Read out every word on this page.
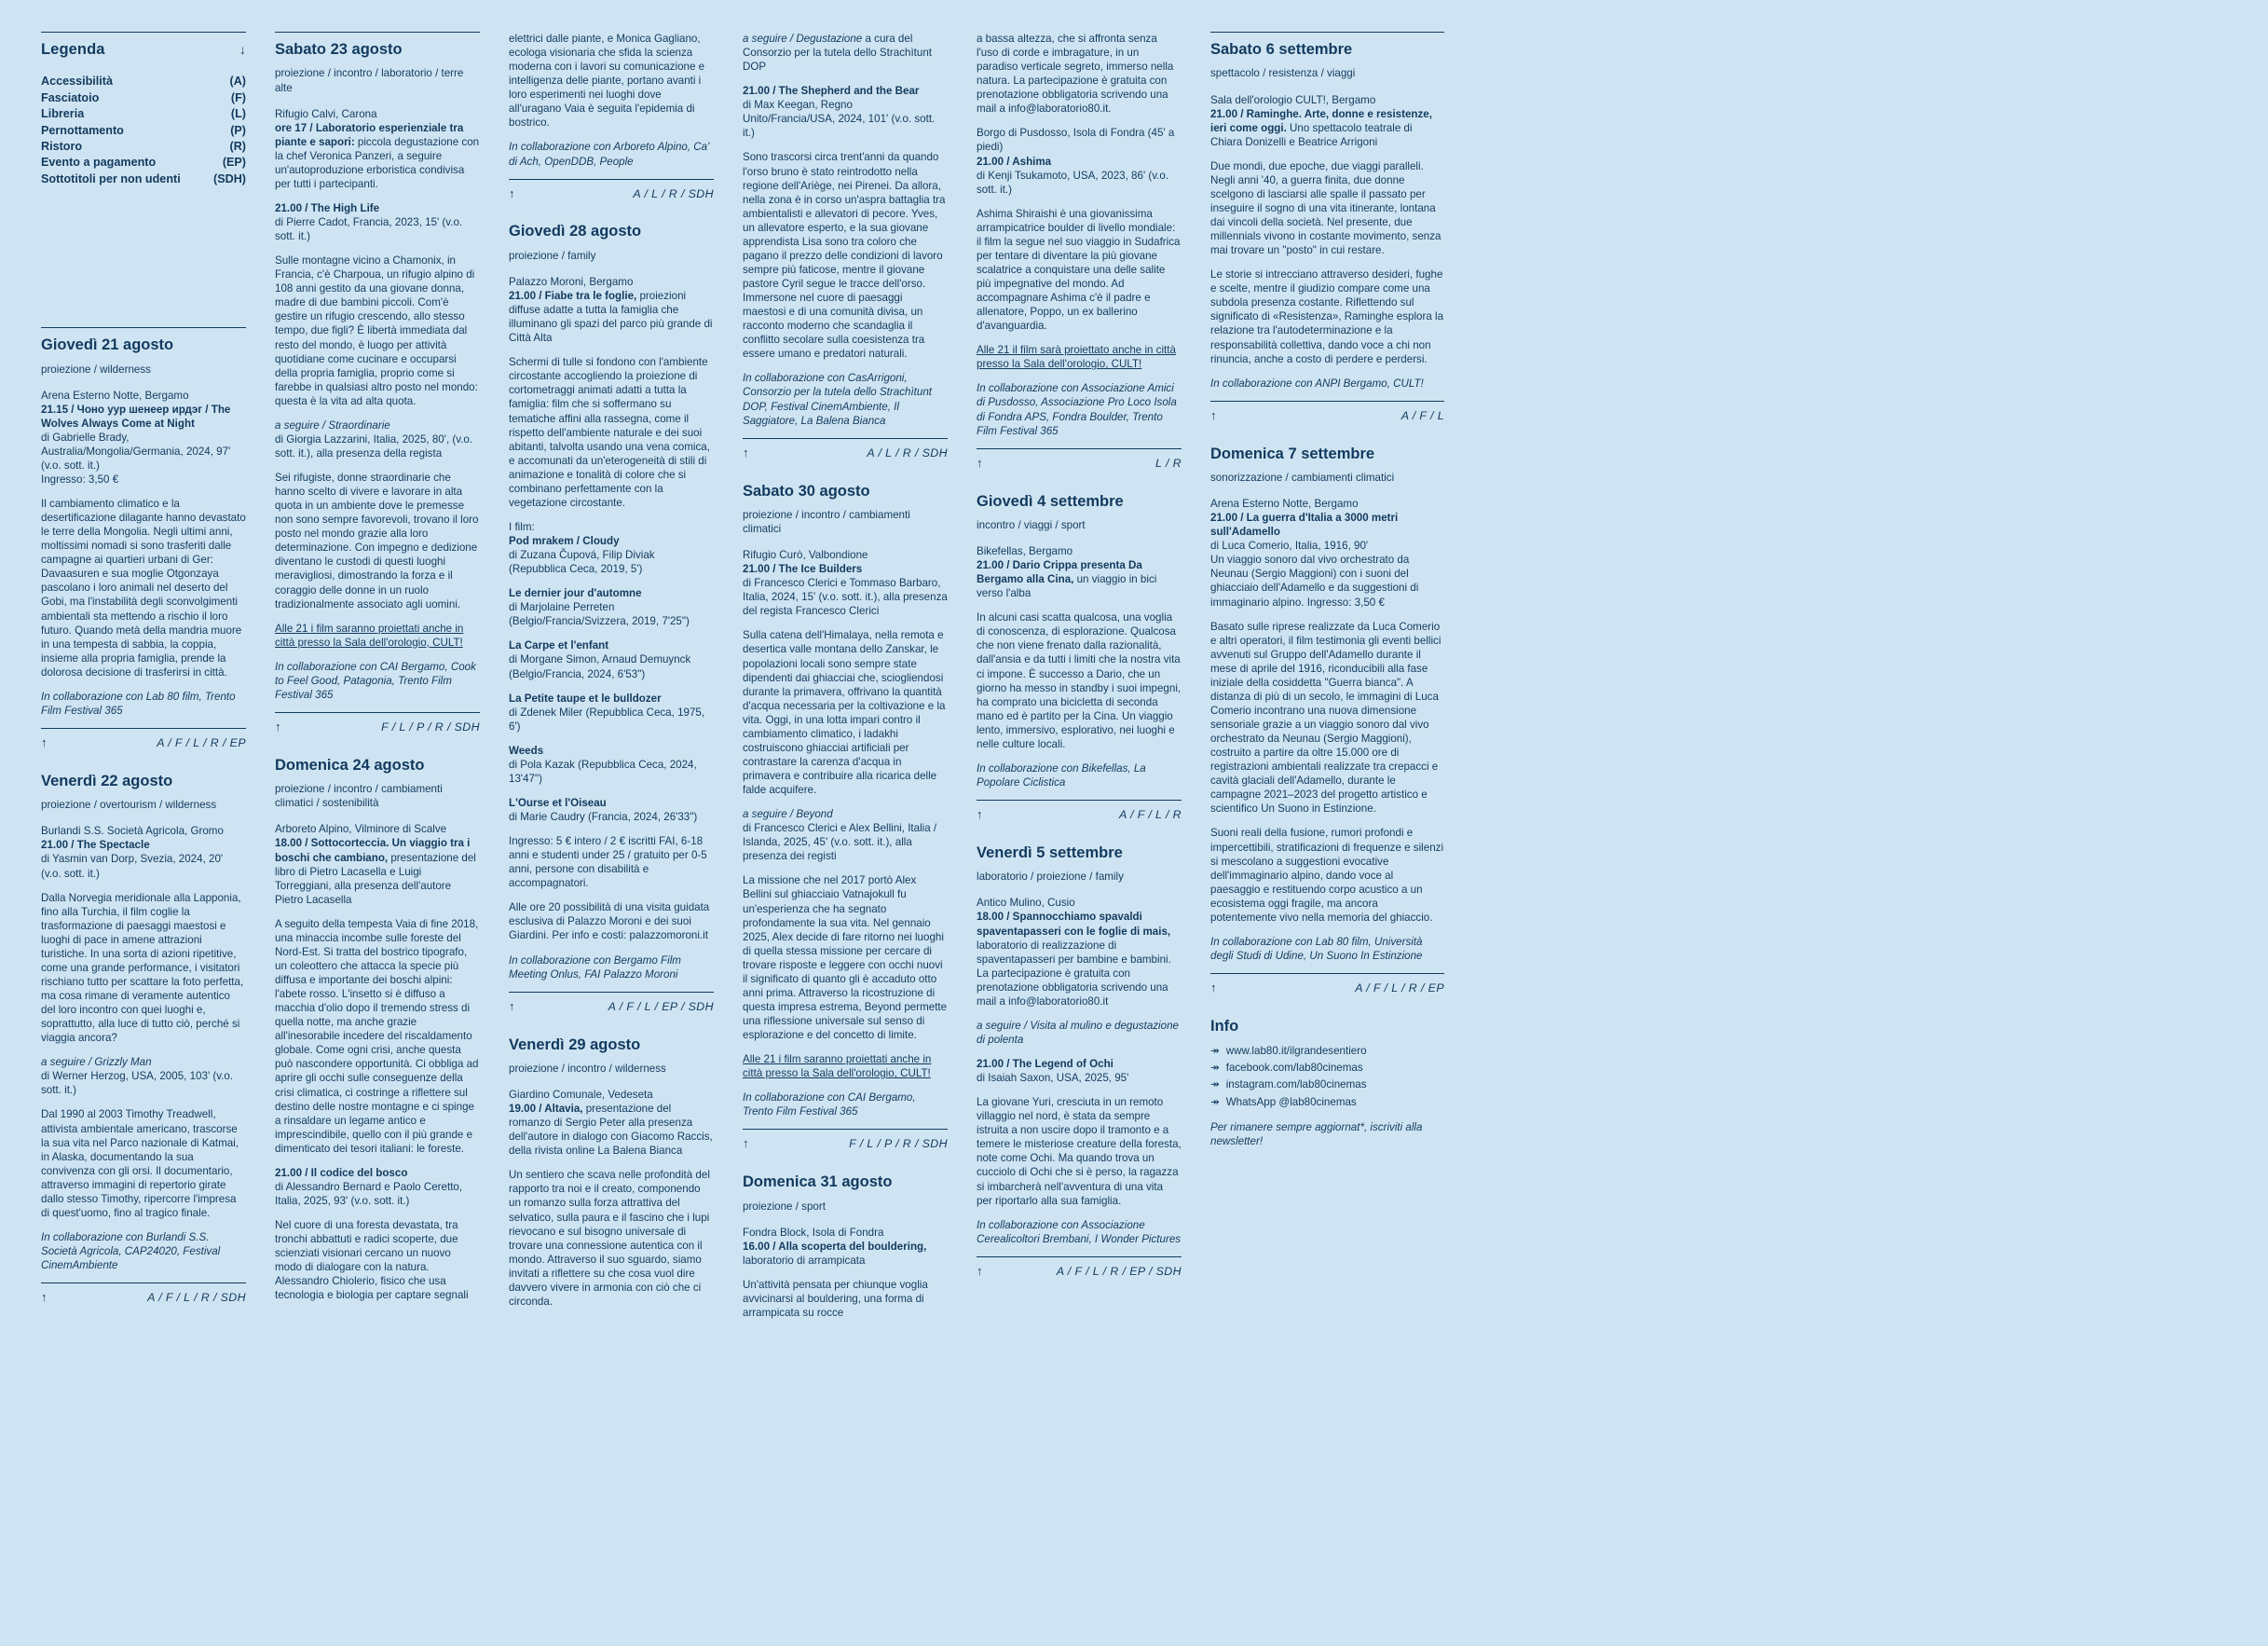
Legenda	↓
Accessibilità	(A)
Fasciatoio	(F)
Libreria	(L)
Pernottamento	(P)
Ristoro	(R)
Evento a pagamento	(EP)
Sottotitoli per non udenti	(SDH)
Giovedì 21 agosto

proiezione / wilderness

Arena Esterno Notte, Bergamo

21.15 / Чоно уур шенеер ирдэг / The Wolves Always Come at Night

di Gabrielle Brady, Australia/Mongolia/Germania, 2024, 97' (v.o. sott. it.)

Ingresso: 3,50 €

Il cambiamento climatico e la desertificazione dilagante hanno devastato le terre della Mongolia. Negli ultimi anni, moltissimi nomadi si sono trasferiti dalle campagne ai quartieri urbani di Ger: Davaasuren e sua moglie Otgonzaya pascolano i loro animali nel deserto del Gobi, ma l'instabilità degli sconvolgimenti ambientali sta mettendo a rischio il loro futuro. Quando metà della mandria muore in una tempesta di sabbia, la coppia, insieme alla propria famiglia, prende la dolorosa decisione di trasferirsi in città.

In collaborazione con Lab 80 film, Trento Film Festival 365

↑	A / F / L / R / EP
Venerdì 22 agosto

proiezione / overtourism / wilderness

Burlandi S.S. Società Agricola, Gromo

21.00 / The Spectacle

di Yasmin van Dorp, Svezia, 2024, 20' (v.o. sott. it.)

Dalla Norvegia meridionale alla Lapponia, fino alla Turchia, il film coglie la trasformazione di paesaggi maestosi e luoghi di pace in amene attrazioni turistiche. In una sorta di azioni ripetitive, come una grande performance, i visitatori rischiano tutto per scattare la foto perfetta, ma cosa rimane di veramente autentico del loro incontro con quei luoghi e, soprattutto, alla luce di tutto ciò, perché si viaggia ancora?

a seguire / Grizzly Man

di Werner Herzog, USA, 2005, 103' (v.o. sott. it.)

Dal 1990 al 2003 Timothy Treadwell, attivista ambientale americano, trascorse la sua vita nel Parco nazionale di Katmai, in Alaska, documentando la sua convivenza con gli orsi. Il documentario, attraverso immagini di repertorio girate dallo stesso Timothy, ripercorre l'impresa di quest'uomo, fino al tragico finale.

In collaborazione con Burlandi S.S. Società Agricola, CAP24020, Festival CinemAmbiente

↑	A / F / L / R / SDH
Sabato 23 agosto

proiezione / incontro / laboratorio / terre alte

Rifugio Calvi, Carona

ore 17 / Laboratorio esperienziale tra piante e sapori: piccola degustazione con la chef Veronica Panzeri, a seguire un'autoproduzione erboristica condivisa per tutti i partecipanti.

21.00 / The High Life

di Pierre Cadot, Francia, 2023, 15' (v.o. sott. it.)

Sulle montagne vicino a Chamonix, in Francia, c'è Charpoua, un rifugio alpino di 108 anni gestito da una giovane donna, madre di due bambini piccoli. Com'è gestire un rifugio crescendo, allo stesso tempo, due figli? È libertà immediata dal resto del mondo, è luogo per attività quotidiane come cucinare e occuparsi della propria famiglia, proprio come si farebbe in qualsiasi altro posto nel mondo: questa è la vita ad alta quota.

a seguire / Straordinarie

di Giorgia Lazzarini, Italia, 2025, 80', (v.o. sott. it.), alla presenza della regista

Sei rifugiste, donne straordinarie che hanno scelto di vivere e lavorare in alta quota in un ambiente dove le premesse non sono sempre favorevoli, trovano il loro posto nel mondo grazie alla loro determinazione. Con impegno e dedizione diventano le custodi di questi luoghi meravigliosi, dimostrando la forza e il coraggio delle donne in un ruolo tradizionalmente associato agli uomini.

Alle 21 i film saranno proiettati anche in città presso la Sala dell'orologio, CULT!

In collaborazione con CAI Bergamo, Cook to Feel Good, Patagonia, Trento Film Festival 365

↑	F / L / P / R / SDH
Domenica 24 agosto

proiezione / incontro / cambiamenti climatici / sostenibilità

Arboreto Alpino, Vilminore di Scalve

18.00 / Sottocorteccia. Un viaggio tra i boschi che cambiano, presentazione del libro di Pietro Lacasella e Luigi Torreggiani, alla presenza dell'autore Pietro Lacasella

A seguito della tempesta Vaia di fine 2018, una minaccia incombe sulle foreste del Nord-Est. Si tratta del bostrico tipografo, un coleottero che attacca la specie più diffusa e importante dei boschi alpini: l'abete rosso. L'insetto si è diffuso a macchia d'olio dopo il tremendo stress di quella notte, ma anche grazie all'inesorabile incedere del riscaldamento globale. Come ogni crisi, anche questa può nascondere opportunità. Ci obbliga ad aprire gli occhi sulle conseguenze della crisi climatica, ci costringe a riflettere sul destino delle nostre montagne e ci spinge a rinsaldare un legame antico e imprescindibile, quello con il più grande e dimenticato dei tesori italiani: le foreste.

21.00 / Il codice del bosco

di Alessandro Bernard e Paolo Ceretto, Italia, 2025, 93' (v.o. sott. it.)

Nel cuore di una foresta devastata, tra tronchi abbattuti e radici scoperte, due scienziati visionari cercano un nuovo modo di dialogare con la natura. Alessandro Chiolerio, fisico che usa tecnologia e biologia per captare segnali

elettrici dalle piante, e Monica Gagliano, ecologa visionaria che sfida la scienza moderna con i lavori su comunicazione e intelligenza delle piante, portano avanti i loro esperimenti nei luoghi dove all'uragano Vaia è seguita l'epidemia di bostrico.

In collaborazione con Arboreto Alpino, Ca' di Ach, OpenDDB, People

↑	A / L / R / SDH
Giovedì 28 agosto

proiezione / family

Palazzo Moroni, Bergamo

21.00 / Fiabe tra le foglie, proiezioni diffuse adatte a tutta la famiglia che illuminano gli spazi del parco più grande di Città Alta

Schermi di tulle si fondono con l'ambiente circostante accogliendo la proiezione di cortometraggi animati adatti a tutta la famiglia: film che si soffermano su tematiche affini alla rassegna, come il rispetto dell'ambiente naturale e dei suoi abitanti, talvolta usando una vena comica, e accomunati da un'eterogeneità di stili di animazione e tonalità di colore che si combinano perfettamente con la vegetazione circostante.

I film:

Pod mrakem / Cloudy

di Zuzana Čupová, Filip Diviak (Repubblica Ceca, 2019, 5')

Le dernier jour d'automne

di Marjolaine Perreten (Belgio/Francia/Svizzera, 2019, 7'25")

La Carpe et l'enfant

di Morgane Simon, Arnaud Demuynck (Belgio/Francia, 2024, 6'53")

La Petite taupe et le bulldozer

di Zdenek Miler (Repubblica Ceca, 1975, 6')

Weeds

di Pola Kazak (Repubblica Ceca, 2024, 13'47")

L'Ourse et l'Oiseau

di Marie Caudry (Francia, 2024, 26'33")

Ingresso: 5 € intero / 2 € iscritti FAI, 6-18 anni e studenti under 25 / gratuito per 0-5 anni, persone con disabilità e accompagnatori.

Alle ore 20 possibilità di una visita guidata esclusiva di Palazzo Moroni e dei suoi Giardini. Per info e costi: palazzomoroni.it

In collaborazione con Bergamo Film Meeting Onlus, FAI Palazzo Moroni

↑	A / F / L / EP / SDH
Venerdì 29 agosto

proiezione / incontro / wilderness

Giardino Comunale, Vedeseta

19.00 / Altavia, presentazione del romanzo di Sergio Peter alla presenza dell'autore in dialogo con Giacomo Raccis, della rivista online La Balena Bianca

Un sentiero che scava nelle profondità del rapporto tra noi e il creato, componendo un romanzo sulla forza attrattiva del selvatico, sulla paura e il fascino che i lupi rievocano e sul bisogno universale di trovare una connessione autentica con il mondo. Attraverso il suo sguardo, siamo invitati a riflettere su che cosa vuol dire davvero vivere in armonia con ciò che ci circonda.

a seguire / Degustazione a cura del Consorzio per la tutela dello Strachìtunt DOP

21.00 / The Shepherd and the Bear

di Max Keegan, Regno Unito/Francia/USA, 2024, 101' (v.o. sott. it.)

Sono trascorsi circa trent'anni da quando l'orso bruno è stato reintrodotto nella regione dell'Ariège, nei Pirenei. Da allora, nella zona è in corso un'aspra battaglia tra ambientalisti e allevatori di pecore. Yves, un allevatore esperto, e la sua giovane apprendista Lisa sono tra coloro che pagano il prezzo delle condizioni di lavoro sempre più faticose, mentre il giovane pastore Cyril segue le tracce dell'orso. Immersone nel cuore di paesaggi maestosi e di una comunità divisa, un racconto moderno che scandaglia il conflitto secolare sulla coesistenza tra essere umano e predatori naturali.

In collaborazione con CasArrigoni, Consorzio per la tutela dello Strachìtunt DOP, Festival CinemAmbiente, Il Saggiatore, La Balena Bianca

↑	A / L / R / SDH
Sabato 30 agosto

proiezione / incontro / cambiamenti climatici

Rifugio Curò, Valbondione

21.00 / The Ice Builders

di Francesco Clerici e Tommaso Barbaro, Italia, 2024, 15' (v.o. sott. it.), alla presenza del regista Francesco Clerici

Sulla catena dell'Himalaya, nella remota e desertica valle montana dello Zanskar, le popolazioni locali sono sempre state dipendenti dai ghiacciai che, sciogliendosi durante la primavera, offrivano la quantità d'acqua necessaria per la coltivazione e la vita. Oggi, in una lotta impari contro il cambiamento climatico, i ladakhi costruiscono ghiacciai artificiali per contrastare la carenza d'acqua in primavera e contribuire alla ricarica delle falde acquifere.

a seguire / Beyond

di Francesco Clerici e Alex Bellini, Italia / Islanda, 2025, 45' (v.o. sott. it.), alla presenza dei registi

La missione che nel 2017 portò Alex Bellini sul ghiacciaio Vatnajokull fu un'esperienza che ha segnato profondamente la sua vita. Nel gennaio 2025, Alex decide di fare ritorno nei luoghi di quella stessa missione per cercare di trovare risposte e leggere con occhi nuovi il significato di quanto gli è accaduto otto anni prima. Attraverso la ricostruzione di questa impresa estrema, Beyond permette una riflessione universale sul senso di esplorazione e del concetto di limite.

Alle 21 i film saranno proiettati anche in città presso la Sala dell'orologio, CULT!

In collaborazione con CAI Bergamo, Trento Film Festival 365

↑	F / L / P / R / SDH
Domenica 31 agosto

proiezione / sport

Fondra Block, Isola di Fondra

16.00 / Alla scoperta del bouldering, laboratorio di arrampicata

Un'attività pensata per chiunque voglia avvicinarsi al bouldering, una forma di arrampicata su rocce

a bassa altezza, che si affronta senza l'uso di corde e imbragature, in un paradiso verticale segreto, immerso nella natura. La partecipazione è gratuita con prenotazione obbligatoria scrivendo una mail a info@laboratorio80.it.

Borgo di Pusdosso, Isola di Fondra (45' a piedi)

21.00 / Ashima

di Kenji Tsukamoto, USA, 2023, 86' (v.o. sott. it.)

Ashima Shiraishi è una giovanissima arrampicatrice boulder di livello mondiale: il film la segue nel suo viaggio in Sudafrica per tentare di diventare la più giovane scalatrice a conquistare una delle salite più impegnative del mondo. Ad accompagnare Ashima c'è il padre e allenatore, Poppo, un ex ballerino d'avanguardia.

Alle 21 il film sarà proiettato anche in città presso la Sala dell'orologio, CULT!

In collaborazione con Associazione Amici di Pusdosso, Associazione Pro Loco Isola di Fondra APS, Fondra Boulder, Trento Film Festival 365

↑	L / R
Giovedì 4 settembre

incontro / viaggi / sport

Bikefellas, Bergamo

21.00 / Dario Crippa presenta Da Bergamo alla Cina, un viaggio in bici verso l'alba

In alcuni casi scatta qualcosa, una voglia di conoscenza, di esplorazione. Qualcosa che non viene frenato dalla razionalità, dall'ansia e da tutti i limiti che la nostra vita ci impone. È successo a Dario, che un giorno ha messo in standby i suoi impegni, ha comprato una bicicletta di seconda mano ed è partito per la Cina. Un viaggio lento, immersivo, esplorativo, nei luoghi e nelle culture locali.

In collaborazione con Bikefellas, La Popolare Ciclistica

↑	A / F / L / R
Venerdì 5 settembre

laboratorio / proiezione / family

Antico Mulino, Cusio

18.00 / Spannocchiamo spavaldi spaventapasseri con le foglie di mais, laboratorio di realizzazione di spaventapasseri per bambine e bambini.

La partecipazione è gratuita con prenotazione obbligatoria scrivendo una mail a info@laboratorio80.it

a seguire / Visita al mulino e degustazione di polenta

21.00 / The Legend of Ochi

di Isaiah Saxon, USA, 2025, 95'

La giovane Yuri, cresciuta in un remoto villaggio nel nord, è stata da sempre istruita a non uscire dopo il tramonto e a temere le misteriose creature della foresta, note come Ochi. Ma quando trova un cucciolo di Ochi che si è perso, la ragazza si imbarcherà nell'avventura di una vita per riportarlo alla sua famiglia.

In collaborazione con Associazione Cerealicoltori Brembani, I Wonder Pictures

↑	A / F / L / R / EP / SDH
Sabato 6 settembre

spettacolo / resistenza / viaggi

Sala dell'orologio CULT!, Bergamo

21.00 / Raminghe. Arte, donne e resistenze, ieri come oggi. Uno spettacolo teatrale di Chiara Donizelli e Beatrice Arrigoni

Due mondi, due epoche, due viaggi paralleli. Negli anni '40, a guerra finita, due donne scelgono di lasciarsi alle spalle il passato per inseguire il sogno di una vita itinerante, lontana dai vincoli della società. Nel presente, due millennials vivono in costante movimento, senza mai trovare un "posto" in cui restare.

Le storie si intrecciano attraverso desideri, fughe e scelte, mentre il giudizio compare come una subdola presenza costante. Riflettendo sul significato di «Resistenza», Raminghe esplora la relazione tra l'autodeterminazione e la responsabilità collettiva, dando voce a chi non rinuncia, anche a costo di perdere e perdersi.

In collaborazione con ANPI Bergamo, CULT!

↑	A / F / L
Domenica 7 settembre

sonorizzazione / cambiamenti climatici

Arena Esterno Notte, Bergamo

21.00 / La guerra d'Italia a 3000 metri sull'Adamello

di Luca Comerio, Italia, 1916, 90'

Un viaggio sonoro dal vivo orchestrato da Neunau (Sergio Maggioni) con i suoni del ghiacciaio dell'Adamello e da suggestioni di immaginario alpino. Ingresso: 3,50 €

Basato sulle riprese realizzate da Luca Comerio e altri operatori, il film testimonia gli eventi bellici avvenuti sul Gruppo dell'Adamello durante il mese di aprile del 1916, riconducibili alla fase iniziale della cosiddetta "Guerra bianca". A distanza di più di un secolo, le immagini di Luca Comerio incontrano una nuova dimensione sensoriale grazie a un viaggio sonoro dal vivo orchestrato da Neunau (Sergio Maggioni), costruito a partire da oltre 15.000 ore di registrazioni ambientali realizzate tra crepacci e cavità glaciali dell'Adamello, durante le campagne 2021–2023 del progetto artistico e scientifico Un Suono in Estinzione.

Suoni reali della fusione, rumori profondi e impercettibili, stratificazioni di frequenze e silenzi si mescolano a suggestioni evocative dell'immaginario alpino, dando voce al paesaggio e restituendo corpo acustico a un ecosistema oggi fragile, ma ancora potentemente vivo nella memoria del ghiaccio.

In collaborazione con Lab 80 film, Università degli Studi di Udine, Un Suono In Estinzione

↑	A / F / L / R / EP
Info
↠ www.lab80.it/ilgrandesentiero
↠ facebook.com/lab80cinemas
↠ instagram.com/lab80cinemas
↠ WhatsApp @lab80cinemas

Per rimanere sempre aggiornat*, iscriviti alla newsletter!
